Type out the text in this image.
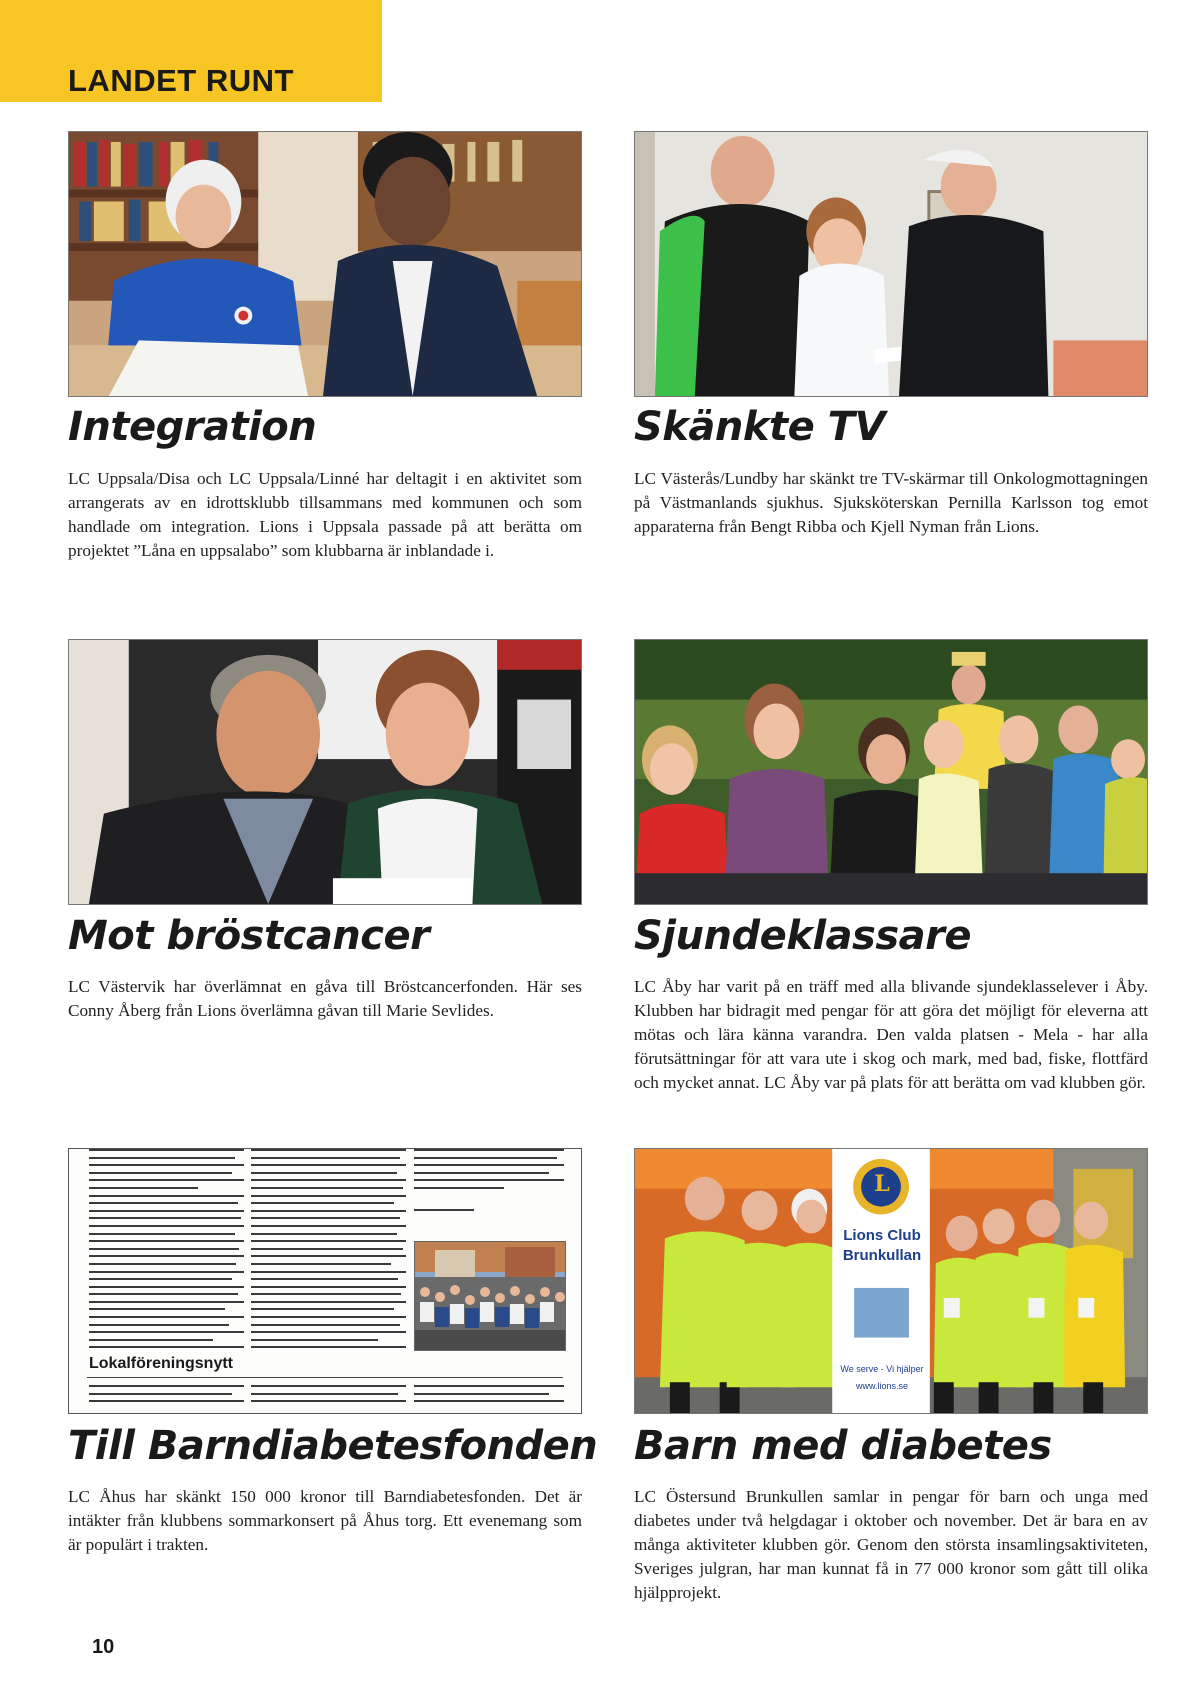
LANDET RUNT
Integration	Skänkte TV

LC Uppsala/Disa och LC Uppsala/Linné har deltagit i en aktivitet som arrangerats av en idrottsklubb tillsammans med kommunen och som handlade om integration. Lions i Uppsala passade på att berätta om projektet ”Låna en uppsalabo” som klubbarna är inblandade i.

LC Västerås/Lundby har skänkt tre TV-skärmar till Onkologmottagningen på Västmanlands sjukhus. Sjuksköterskan Pernilla Karlsson tog emot apparaterna från Bengt Ribba och Kjell Nyman från Lions.

Mot bröstcancer	Sjundeklassare

LC Västervik har överlämnat en gåva till Bröstcancerfonden. Här ses Conny Åberg från Lions överlämna gåvan till Marie Sevlides.

LC Åby har varit på en träff med alla blivande sjundeklasselever i Åby. Klubben har bidragit med pengar för att göra det möjligt för eleverna att mötas och lära känna varandra. Den valda platsen - Mela - har alla förutsättningar för att vara ute i skog och mark, med bad, fiske, flottfärd och mycket annat. LC Åby var på plats för att berätta om vad klubben gör.

Lokalföreningsnytt
L
Lions Club
Brunkullan
We serve - Vi hjälper
www.lions.se
Till Barndiabetesfonden Barn med diabetes

LC Åhus har skänkt 150 000 kronor till Barndiabetesfonden. Det är intäkter från klubbens sommarkonsert på Åhus torg. Ett evenemang som är populärt i trakten.

LC Östersund Brunkullen samlar in pengar för barn och unga med diabetes under två helgdagar i oktober och november. Det är bara en av många aktiviteter klubben gör. Genom den största insamlingsaktiviteten, Sveriges julgran, har man kunnat få in 77 000 kronor som gått till olika hjälpprojekt.

10
